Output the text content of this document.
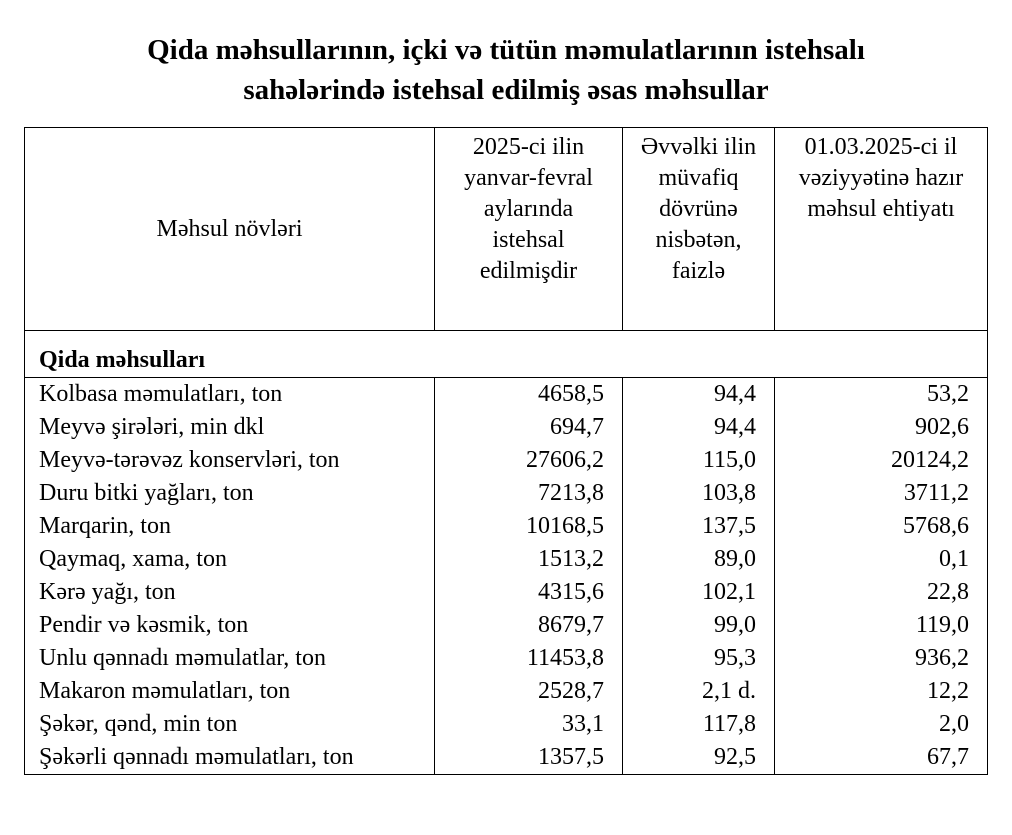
Qida məhsullarının, içki və tütün məmulatlarının istehsalı
sahələrində istehsal edilmiş əsas məhsullar
Məhsul növləri	2025-ci ilin yanvar-fevral aylarında istehsal edilmişdir	Əvvəlki ilin müvafiq dövrünə nisbətən, faizlə	01.03.2025-ci il vəziyyətinə hazır məhsul ehtiyatı
Qida məhsulları			
Kolbasa məmulatları, ton	4658,5	94,4	53,2
Meyvə şirələri, min dkl	694,7	94,4	902,6
Meyvə-tərəvəz konservləri, ton	27606,2	115,0	20124,2
Duru bitki yağları, ton	7213,8	103,8	3711,2
Marqarin, ton	10168,5	137,5	5768,6
Qaymaq, xama, ton	1513,2	89,0	0,1
Kərə yağı, ton	4315,6	102,1	22,8
Pendir və kəsmik, ton	8679,7	99,0	119,0
Unlu qənnadı məmulatlar, ton	11453,8	95,3	936,2
Makaron məmulatları, ton	2528,7	2,1 d.	12,2
Şəkər, qənd, min ton	33,1	117,8	2,0
Şəkərli qənnadı məmulatları, ton	1357,5	92,5	67,7
